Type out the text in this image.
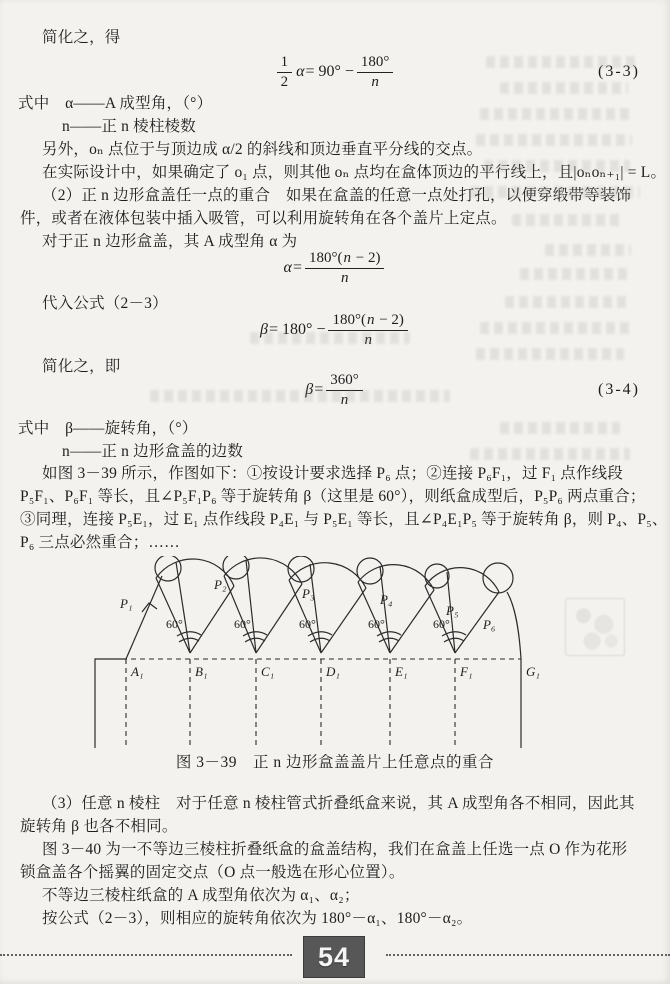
简化之，得
式中　α——A 成型角，（°）
n——正 n 棱柱棱数
另外，oₙ 点位于与顶边成 α/2 的斜线和顶边垂直平分线的交点。
在实际设计中，如果确定了 o₁ 点，则其他 oₙ 点均在盒体顶边的平行线上，且|oₙoₙ₊₁| = L。
（2）正 n 边形盒盖任一点的重合　如果在盒盖的任意一点处打孔，以便穿缎带等装饰
件，或者在液体包装中插入吸管，可以利用旋转角在各个盖片上定点。
对于正 n 边形盒盖，其 A 成型角 α 为
代入公式（2－3）
简化之，即
式中　β——旋转角，（°）
n——正 n 边形盒盖的边数
如图 3－39 所示，作图如下：①按设计要求选择 P₆ 点；②连接 P₆F₁，过 F₁ 点作线段
P₅F₁、P₆F₁ 等长，且∠P₅F₁P₆ 等于旋转角 β（这里是 60°），则纸盒成型后，P₅P₆ 两点重合；
③同理，连接 P₅E₁，过 E₁ 点作线段 P₄E₁ 与 P₅E₁ 等长，且∠P₄E₁P₅ 等于旋转角 β，则 P₄、P₅、
P₆ 三点必然重合；……
（3）任意 n 棱柱　对于任意 n 棱柱管式折叠纸盒来说，其 A 成型角各不相同，因此其
旋转角 β 也各不相同。
图 3－40 为一不等边三棱柱折叠纸盒的盒盖结构，我们在盒盖上任选一点 O 作为花形
锁盒盖各个摇翼的固定交点（O 点一般选在形心位置）。
不等边三棱柱纸盒的 A 成型角依次为 α₁、α₂；
按公式（2－3），则相应的旋转角依次为 180°－α₁、180°－α₂。
$\frac{1}{2}$ $\alpha = 90^\circ - \frac{180^\circ}{n}$	(3-3)
$\alpha = \frac{180^\circ(n - 2)}{n}$
$\beta = 180^\circ - \frac{180^\circ(n - 2)}{n}$
$\beta = \frac{360^\circ}{n}$	(3-4)
60°	60°	60°	60°	60°
P₁
P₂
P₃	P₄
P₅
P₆
A₁	B₁	C₁	D₁	E₁	F₁	G₁
图 3－39　正 n 边形盒盖盖片上任意点的重合
54
